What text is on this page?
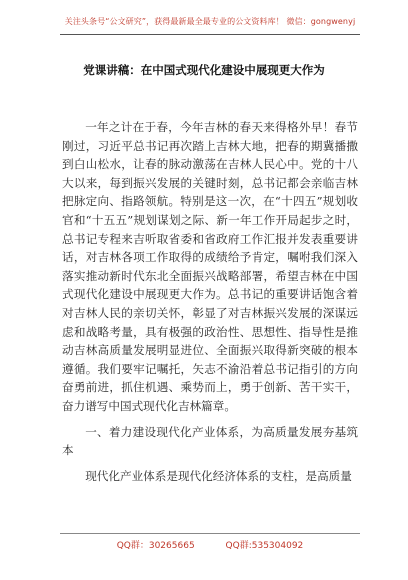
关注头条号“公文研究”，获得最新最全最专业的公文资料库！ 微信：gongwenyj
党课讲稿：在中国式现代化建设中展现更大作为

一年之计在于春，今年吉林的春天来得格外早！春节刚过，习近平总书记再次踏上吉林大地，把春的期冀播撒到白山松水，让春的脉动激荡在吉林人民心中。党的十八大以来，每到振兴发展的关键时刻，总书记都会亲临吉林把脉定向、指路领航。特别是这一次，在“十四五”规划收官和“十五五”规划谋划之际、新一年工作开局起步之时，总书记专程来吉听取省委和省政府工作汇报并发表重要讲话，对吉林各项工作取得的成绩给予肯定，嘱咐我们深入落实推动新时代东北全面振兴战略部署，希望吉林在中国式现代化建设中展现更大作为。总书记的重要讲话饱含着对吉林人民的亲切关怀，彰显了对吉林振兴发展的深谋远虑和战略考量，具有极强的政治性、思想性、指导性是推动吉林高质量发展明显进位、全面振兴取得新突破的根本遵循。我们要牢记嘱托，矢志不渝沿着总书记指引的方向奋勇前进，抓住机遇、乘势而上，勇于创新、苦干实干，奋力谱写中国式现代化吉林篇章。

一、着力建设现代化产业体系，为高质量发展夯基筑本

现代化产业体系是现代化经济体系的支柱，是高质量

QQ群：30265665	QQ群:535304092
